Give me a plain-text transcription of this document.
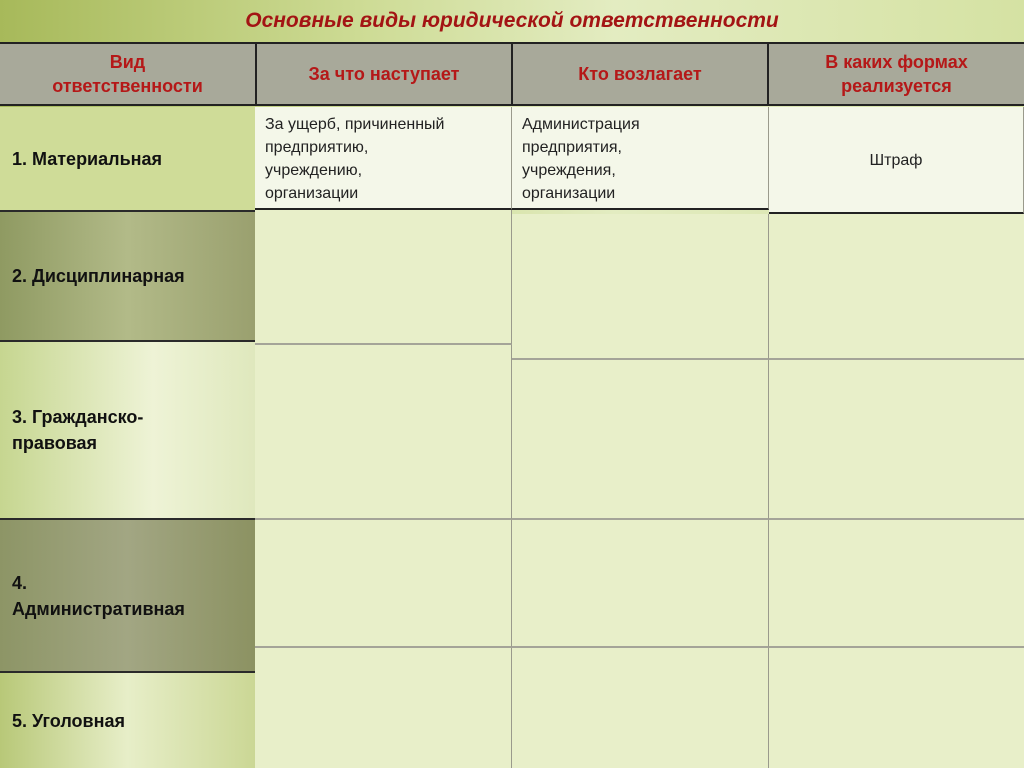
Основные виды юридической ответственности
Вид
ответственности
За что наступает	Кто возлагает
В каких формах
реализуется
1. Материальная
2. Дисциплинарная
3. Гражданско-
правовая
4.
Административная
5. Уголовная
За ущерб, причиненный
предприятию,
учреждению,
организации
Администрация
предприятия,
учреждения,
организации
Штраф
